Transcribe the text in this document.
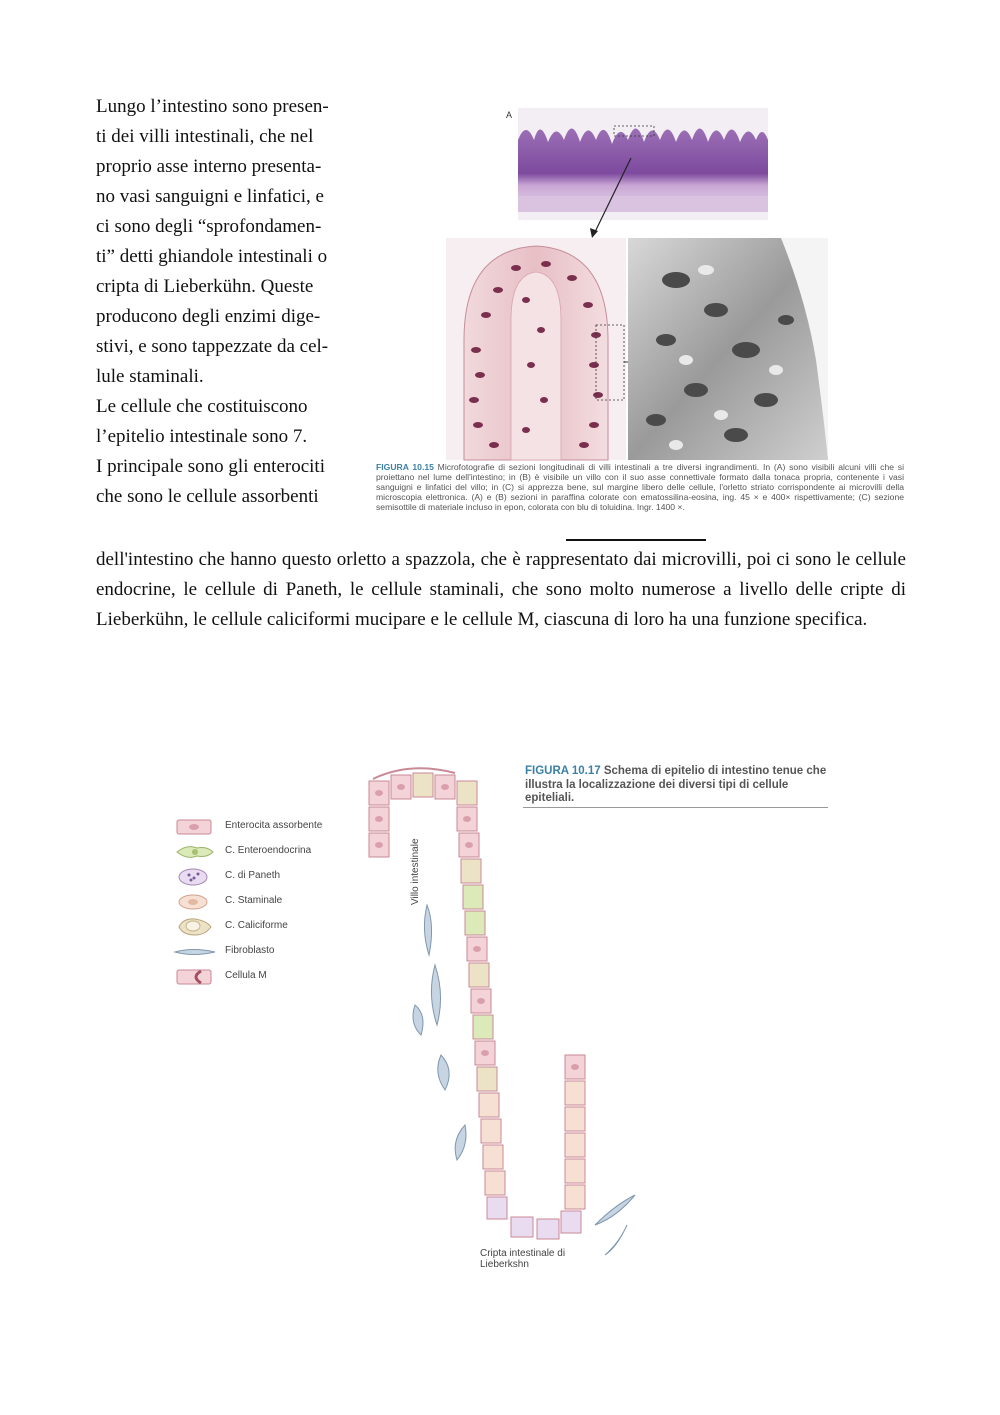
Lungo l’intestino sono presen-

ti dei villi intestinali, che nel

proprio asse interno presenta-

no vasi sanguigni e linfatici, e

ci sono degli “sprofondamen-

ti” detti ghiandole intestinali o

cripta di Lieberkühn. Queste

producono degli enzimi dige-

stivi, e sono tappezzate da cel-

lule staminali.

Le cellule che costituiscono

l’epitelio intestinale sono 7.

I principale sono gli enterociti

che sono le cellule assorbenti

A
FIGURA 10.15 Microfotografie di sezioni longitudinali di villi intestinali a tre diversi ingrandimenti. In (A) sono visibili alcuni villi che si proiettano nel lume dell'intestino; in (B) è visibile un villo con il suo asse connettivale formato dalla tonaca propria, contenente i vasi sanguigni e linfatici del villo; in (C) si apprezza bene, sul margine libero delle cellule, l'orletto striato corrispondente ai microvilli della microscopia elettronica. (A) e (B) sezioni in paraffina colorate con ematossilina-eosina, ing. 45 × e 400× rispettivamente; (C) sezione semisottile di materiale incluso in epon, colorata con blu di toluidina. Ingr. 1400 ×.

dell'intestino che hanno questo orletto a spazzola, che è rappresentato dai microvilli, poi ci sono le cellule endocrine, le cellule di Paneth, le cellule staminali, che sono molto numerose a livello delle cripte di Lieberkühn, le cellule caliciformi mucipare e le cellule M, ciascuna di loro ha una funzione specifica.

FIGURA 10.17 Schema di epitelio di intestino tenue che illustra la localizzazione dei diversi tipi di cellule epiteliali.
Enterocita assorbente
C. Enteroendocrina
C. di Paneth
C. Staminale
C. Caliciforme
Fibroblasto
Cellula M
Villo intestinale
Cripta intestinale di
Lieberkshn
